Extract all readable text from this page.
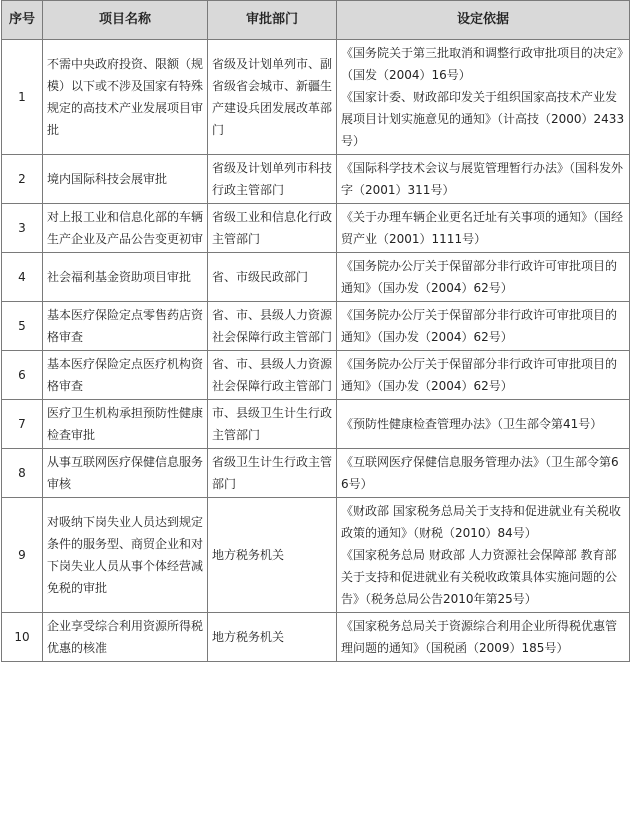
序号	项目名称	审批部门	设定依据
1	不需中央政府投资、限额（规模）以下或不涉及国家有特殊规定的高技术产业发展项目审批	省级及计划单列市、副省级省会城市、新疆生产建设兵团发展改革部门	《国务院关于第三批取消和调整行政审批项目的决定》（国发（2004）16号）
《国家计委、财政部印发关于组织国家高技术产业发展项目计划实施意见的通知》（计高技（2000）2433号）

2	境内国际科技会展审批	省级及计划单列市科技行政主管部门	《国际科学技术会议与展览管理暂行办法》（国科发外字（2001）311号）

3	对上报工业和信息化部的车辆生产企业及产品公告变更初审	省级工业和信息化行政主管部门	《关于办理车辆企业更名迁址有关事项的通知》（国经贸产业（2001）1111号）

4	社会福利基金资助项目审批	省、市级民政部门	《国务院办公厅关于保留部分非行政许可审批项目的通知》（国办发（2004）62号）

5	基本医疗保险定点零售药店资格审查	省、市、县级人力资源社会保障行政主管部门	《国务院办公厅关于保留部分非行政许可审批项目的通知》（国办发（2004）62号）

6	基本医疗保险定点医疗机构资格审查	省、市、县级人力资源社会保障行政主管部门	《国务院办公厅关于保留部分非行政许可审批项目的通知》（国办发（2004）62号）

7	医疗卫生机构承担预防性健康检查审批	市、县级卫生计生行政主管部门	《预防性健康检查管理办法》（卫生部令第41号）

8	从事互联网医疗保健信息服务审核	省级卫生计生行政主管部门	《互联网医疗保健信息服务管理办法》（卫生部令第66号）

9	对吸纳下岗失业人员达到规定条件的服务型、商贸企业和对下岗失业人员从事个体经营减免税的审批	地方税务机关	《财政部 国家税务总局关于支持和促进就业有关税收政策的通知》（财税（2010）84号）
《国家税务总局 财政部 人力资源社会保障部 教育部关于支持和促进就业有关税收政策具体实施问题的公告》（税务总局公告2010年第25号）

10	企业享受综合利用资源所得税优惠的核准	地方税务机关	《国家税务总局关于资源综合利用企业所得税优惠管理问题的通知》（国税函（2009）185号）
